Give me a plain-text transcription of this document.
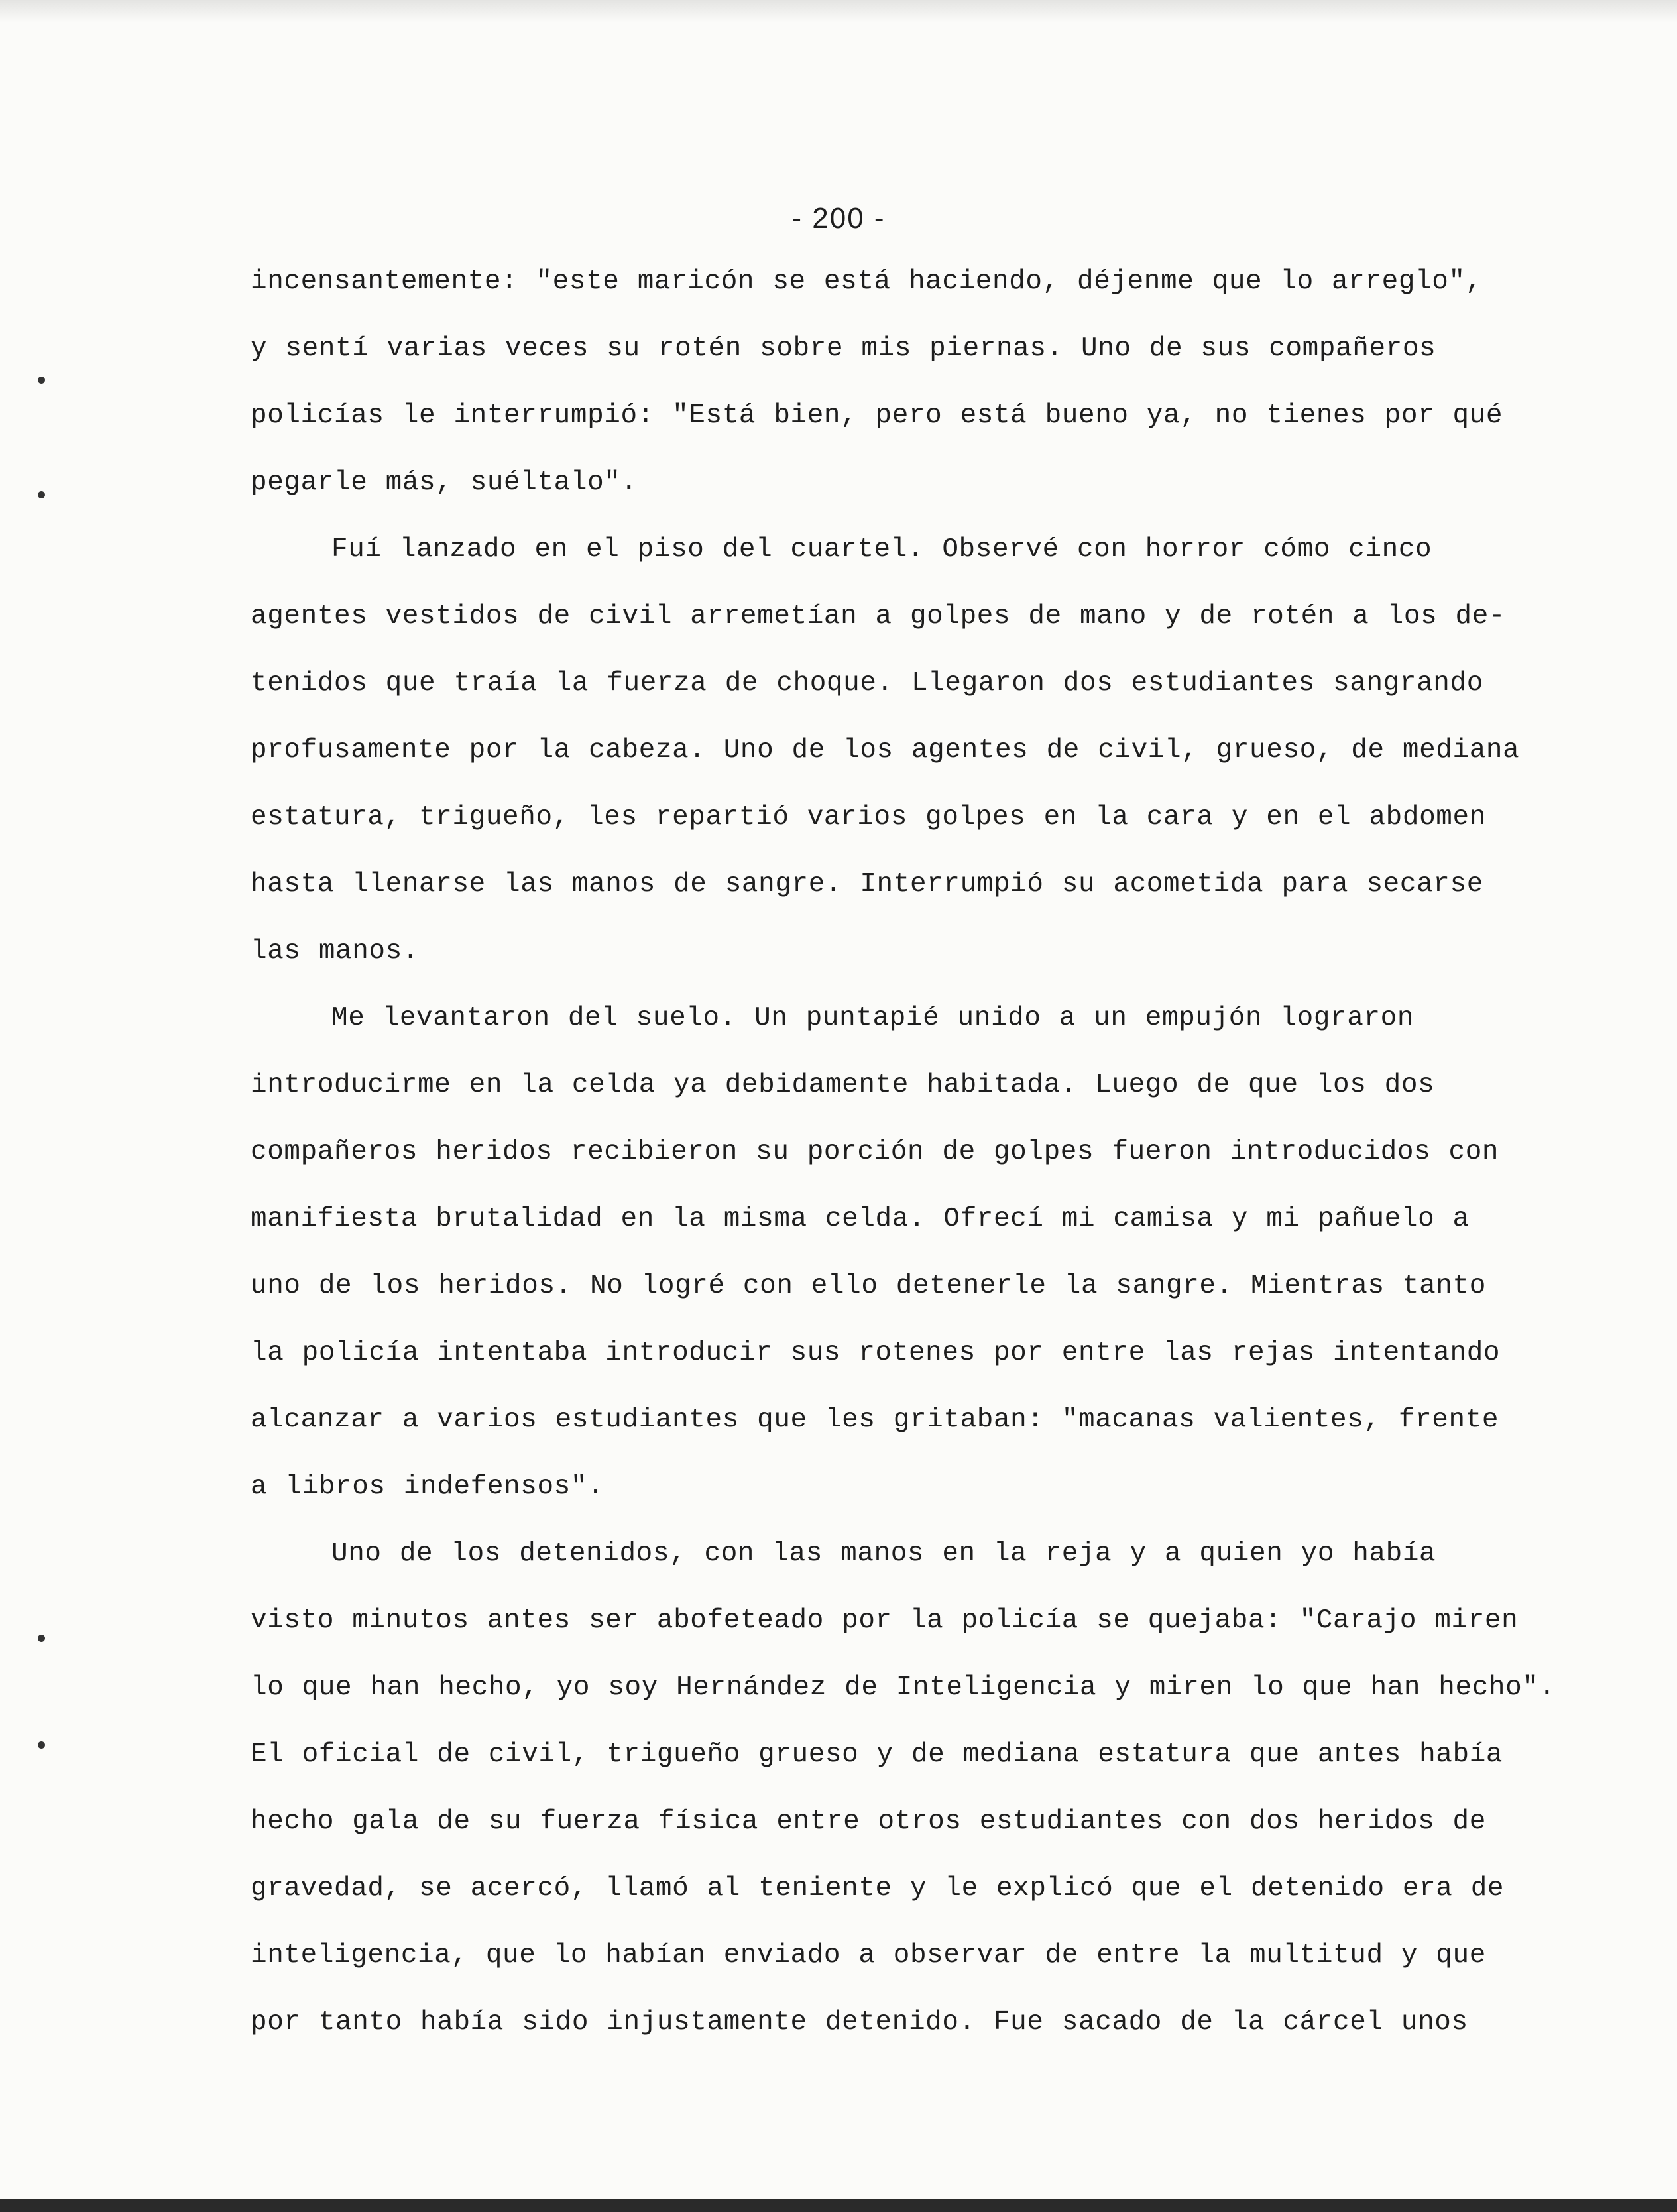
- 200 -
incensantemente: "este maricón se está haciendo, déjenme que lo arreglo",
y sentí varias veces su rotén sobre mis piernas. Uno de sus compañeros
policías le interrumpió: "Está bien, pero está bueno ya, no tienes por qué
pegarle más, suéltalo".
Fuí lanzado en el piso del cuartel. Observé con horror cómo cinco
agentes vestidos de civil arremetían a golpes de mano y de rotén a los de-
tenidos que traía la fuerza de choque. Llegaron dos estudiantes sangrando
profusamente por la cabeza. Uno de los agentes de civil, grueso, de mediana
estatura, trigueño, les repartió varios golpes en la cara y en el abdomen
hasta llenarse las manos de sangre. Interrumpió su acometida para secarse
las manos.
Me levantaron del suelo. Un puntapié unido a un empujón lograron
introducirme en la celda ya debidamente habitada. Luego de que los dos
compañeros heridos recibieron su porción de golpes fueron introducidos con
manifiesta brutalidad en la misma celda. Ofrecí mi camisa y mi pañuelo a
uno de los heridos. No logré con ello detenerle la sangre. Mientras tanto
la policía intentaba introducir sus rotenes por entre las rejas intentando
alcanzar a varios estudiantes que les gritaban: "macanas valientes, frente
a libros indefensos".
Uno de los detenidos, con las manos en la reja y a quien yo había
visto minutos antes ser abofeteado por la policía se quejaba: "Carajo miren
lo que han hecho, yo soy Hernández de Inteligencia y miren lo que han hecho".
El oficial de civil, trigueño grueso y de mediana estatura que antes había
hecho gala de su fuerza física entre otros estudiantes con dos heridos de
gravedad, se acercó, llamó al teniente y le explicó que el detenido era de
inteligencia, que lo habían enviado a observar de entre la multitud y que
por tanto había sido injustamente detenido. Fue sacado de la cárcel unos
